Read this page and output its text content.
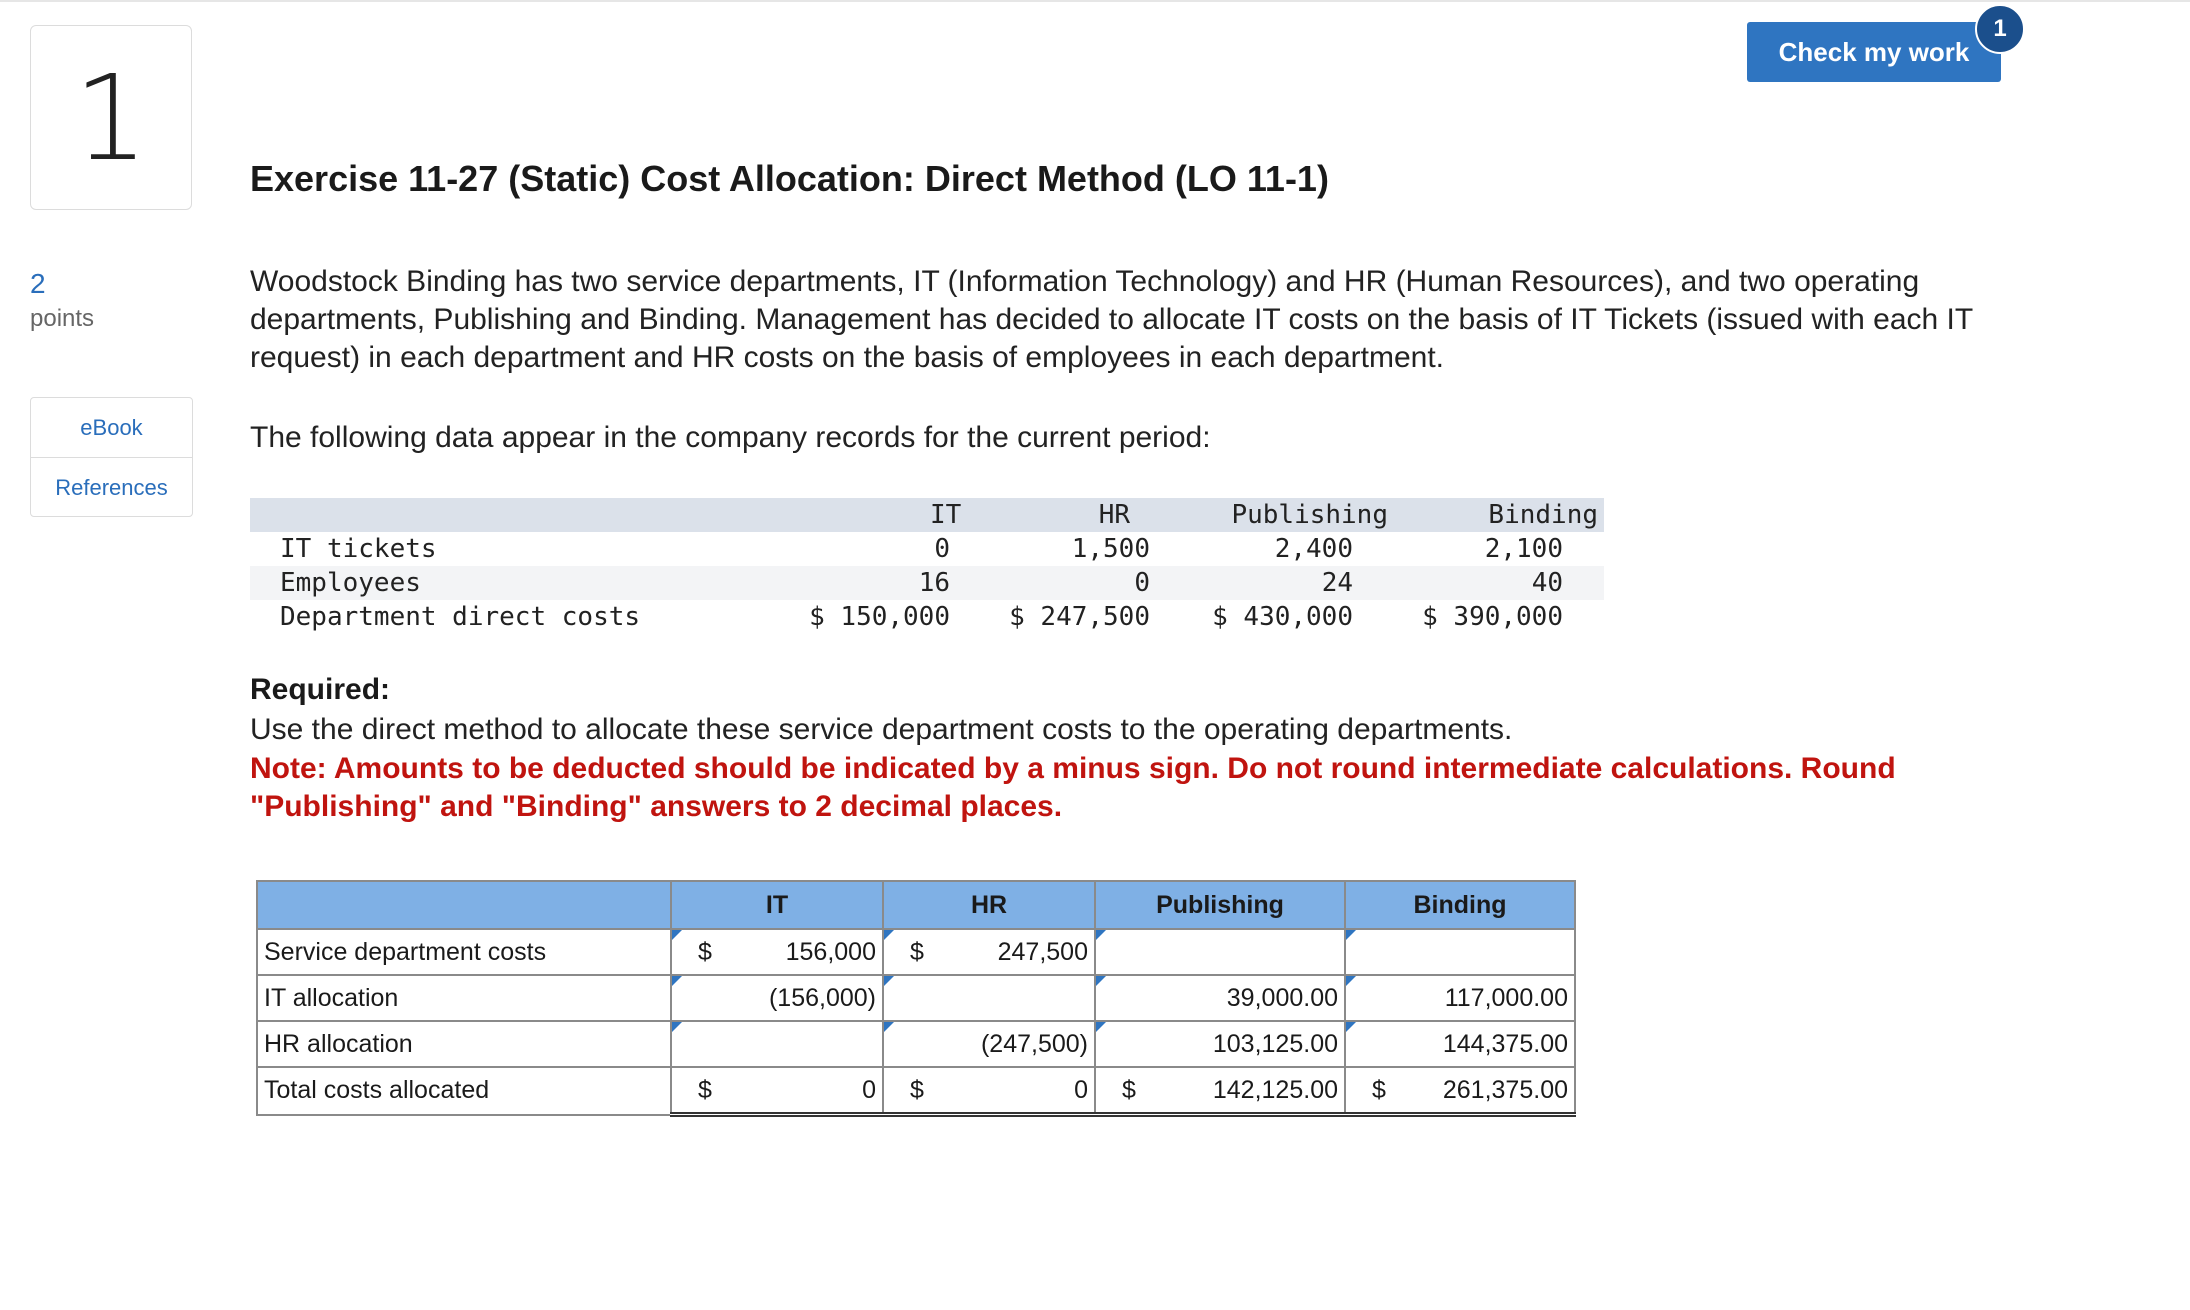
1
2
points
eBook
References
Check my work
1
Exercise 11-27 (Static) Cost Allocation: Direct Method (LO 11-1)

Woodstock Binding has two service departments, IT (Information Technology) and HR (Human Resources), and two operating departments, Publishing and Binding. Management has decided to allocate IT costs on the basis of IT Tickets (issued with each IT request) in each department and HR costs on the basis of employees in each department.

The following data appear in the company records for the current period:

IT	HR	Publishing	Binding
IT tickets	0	1,500	2,400	2,100
Employees	16	0	24	40
Department direct costs	$ 150,000	$ 247,500	$ 430,000	$ 390,000
Required:
Use the direct method to allocate these service department costs to the operating departments.
Note: Amounts to be deducted should be indicated by a minus sign. Do not round intermediate calculations. Round "Publishing" and "Binding" answers to 2 decimal places.
	IT	HR	Publishing	Binding
Service department costs	$ 156,000	$ 247,500		

IT allocation	(156,000)		39,000.00	117,000.00

HR allocation		(247,500)	103,125.00	144,375.00

Total costs allocated	$ 0	$ 0	$ 142,125.00	$ 261,375.00
